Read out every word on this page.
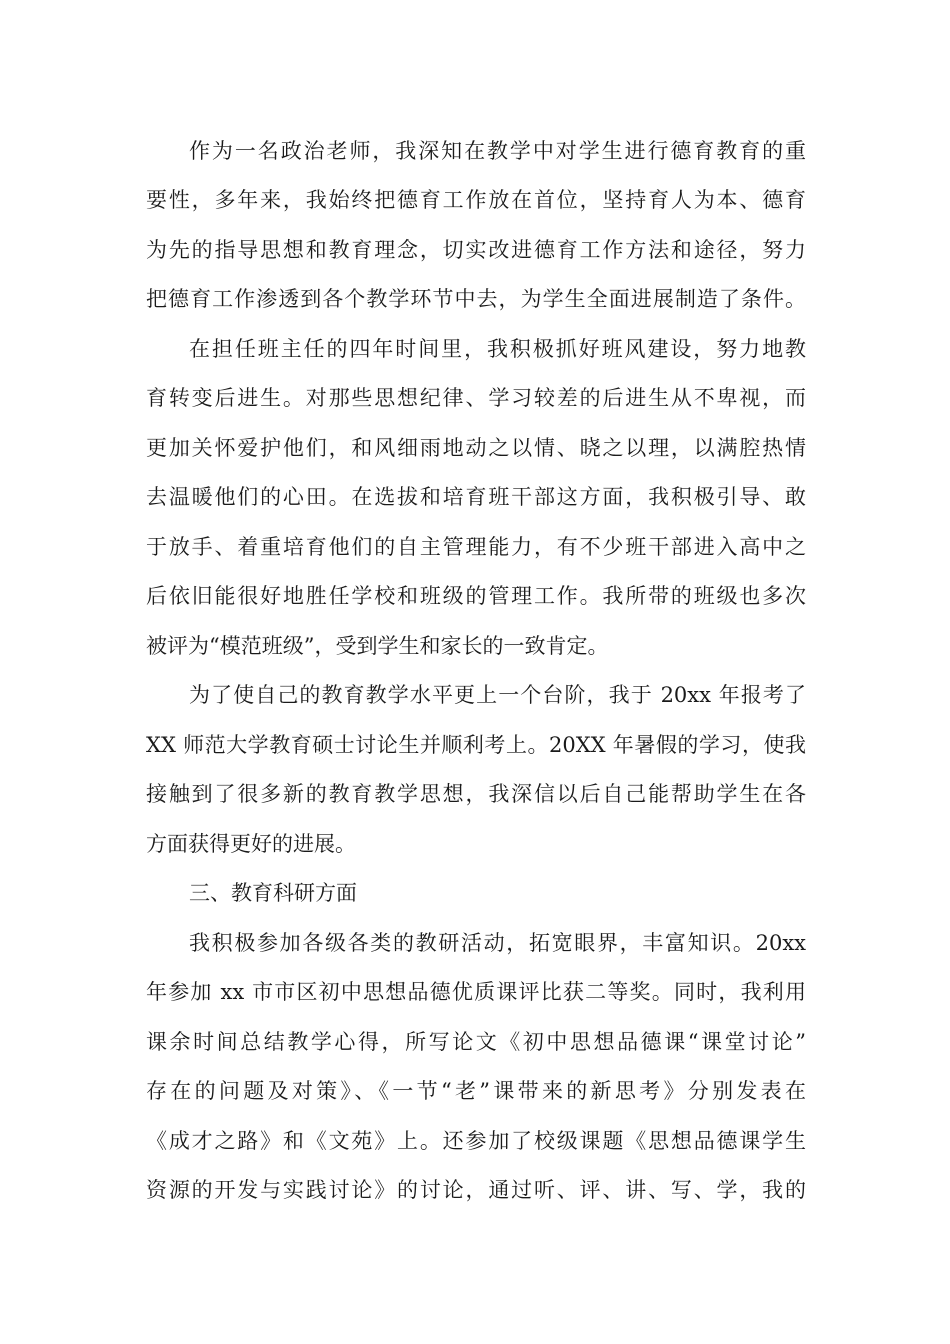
作为一名政治老师，我深知在教学中对学生进行德育教育的重
要性，多年来，我始终把德育工作放在首位，坚持育人为本、德育
为先的指导思想和教育理念，切实改进德育工作方法和途径，努力
把德育工作渗透到各个教学环节中去，为学生全面进展制造了条件。
在担任班主任的四年时间里，我积极抓好班风建设，努力地教
育转变后进生。对那些思想纪律、学习较差的后进生从不卑视，而
更加关怀爱护他们，和风细雨地动之以情、晓之以理，以满腔热情
去温暖他们的心田。在选拔和培育班干部这方面，我积极引导、敢
于放手、着重培育他们的自主管理能力，有不少班干部进入高中之
后依旧能很好地胜任学校和班级的管理工作。我所带的班级也多次
被评为“模范班级”，受到学生和家长的一致肯定。
为了使自己的教育教学水平更上一个台阶，我于 20xx 年报考了
XX 师范大学教育硕士讨论生并顺利考上。20XX 年暑假的学习，使我
接触到了很多新的教育教学思想，我深信以后自己能帮助学生在各
方面获得更好的进展。
三、教育科研方面
我积极参加各级各类的教研活动，拓宽眼界，丰富知识。20xx
年参加 xx 市市区初中思想品德优质课评比获二等奖。同时，我利用
课余时间总结教学心得，所写论文《初中思想品德课“课堂讨论”
存在的问题及对策》、《一节“老”课带来的新思考》分别发表在
《成才之路》和《文苑》上。还参加了校级课题《思想品德课学生
资源的开发与实践讨论》的讨论，通过听、评、讲、写、学，我的
